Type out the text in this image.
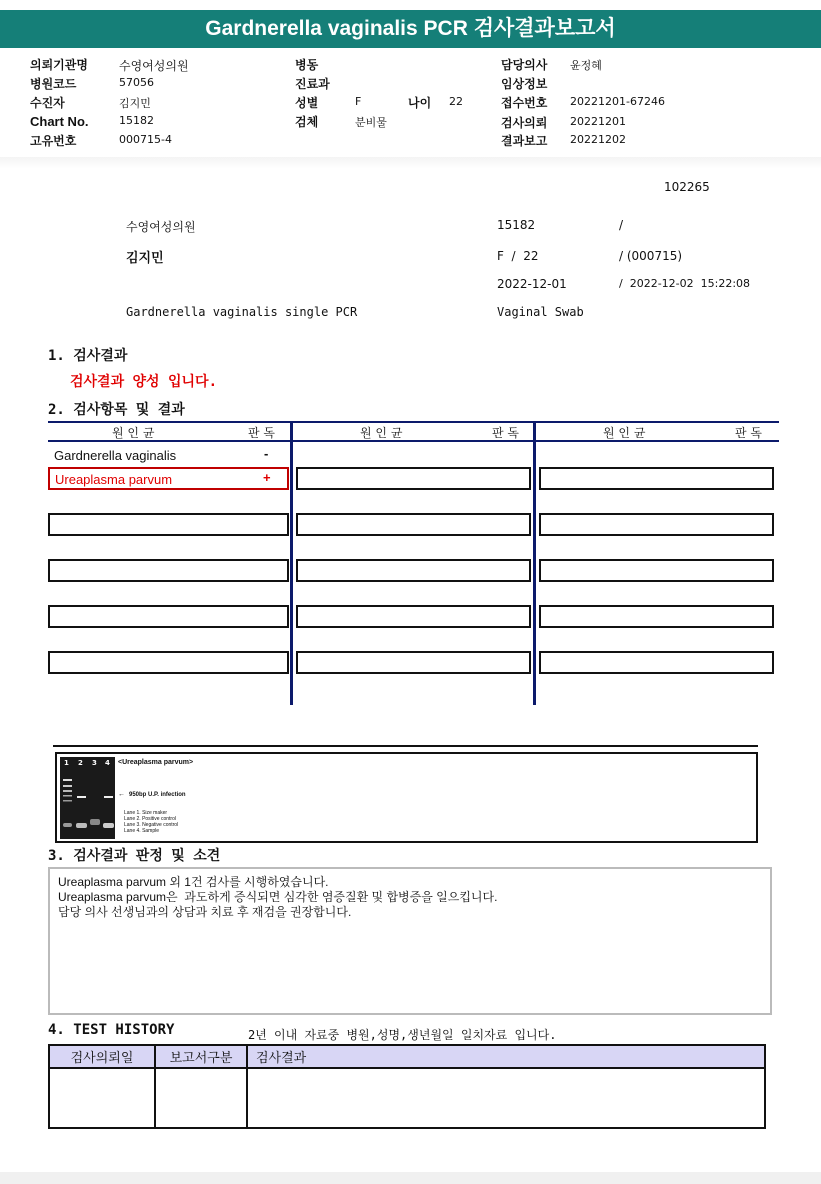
Gardnerella vaginalis PCR 검사결과보고서
의뢰기관명	수영여성의원
병원코드	57056
수진자	김지민
Chart No.	15182
고유번호	000715-4
병동
진료과
성별	F	나이 22
검체	분비물
담당의사 윤정혜
임상정보
접수번호 20221201-67246
검사의뢰 20221201
결과보고 20221202
102265
수영여성의원	15182	/
김지민	F  /  22	/ (000715)
2022-12-01	/  2022-12-02  15:22:08
Gardnerella vaginalis single PCR	Vaginal Swab
1. 검사결과
검사결과 양성 입니다.
2. 검사항목 및 결과
원 인 균	판 독	원 인 균	판 독	원 인 균	판 독
Gardnerella vaginalis	-
Ureaplasma parvum	+
1 2 3 4 <Ureaplasma parvum>
← 950bp U.P. infection
Lane 1. Size maker
Lane 2. Positive control
Lane 3. Negative control
Lane 4. Sample
3. 검사결과 판정 및 소견
Ureaplasma parvum 외 1건 검사를 시행하였습니다.
Ureaplasma parvum은  과도하게 증식되면 심각한 염증질환 및 합병증을 일으킵니다.
담당 의사 선생님과의 상담과 치료 후 재검을 권장합니다.
4. TEST HISTORY	2년 이내 자료중 병원,성명,생년월일 일치자료 입니다.
검사의뢰일	보고서구분	검사결과
